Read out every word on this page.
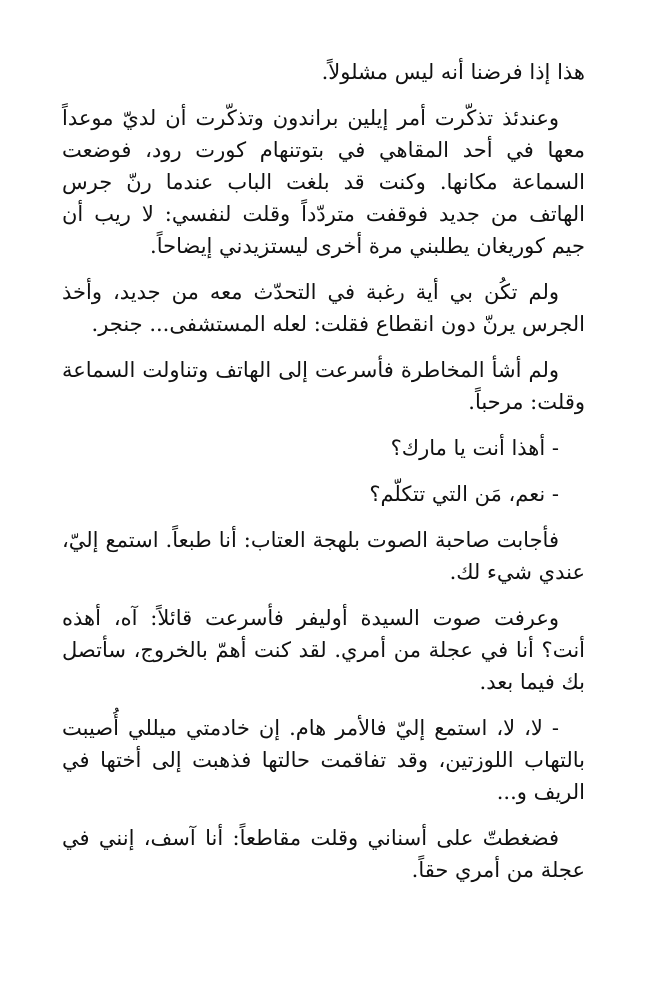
هذا إذا فرضنا أنه ليس مشلولاً.

وعندئذ تذكّرت أمر إيلين براندون وتذكّرت أن لديّ موعداً معها في أحد المقاهي في بتوتنهام كورت رود، فوضعت السماعة مكانها. وكنت قد بلغت الباب عندما رنّ جرس الهاتف من جديد فوقفت متردّداً وقلت لنفسي: لا ريب أن جيم كوريغان يطلبني مرة أخرى ليستزيدني إيضاحاً.

ولم تكُن بي أية رغبة في التحدّث معه من جديد، وأخذ الجرس يرنّ دون انقطاع فقلت: لعله المستشفى... جنجر.

ولم أشأ المخاطرة فأسرعت إلى الهاتف وتناولت السماعة وقلت: مرحباً.

- أهذا أنت يا مارك؟

- نعم، مَن التي تتكلّم؟

فأجابت صاحبة الصوت بلهجة العتاب: أنا طبعاً. استمع إليّ، عندي شيء لك.

وعرفت صوت السيدة أوليفر فأسرعت قائلاً: آه، أهذه أنت؟ أنا في عجلة من أمري. لقد كنت أهمّ بالخروج، سأتصل بك فيما بعد.

- لا، لا، استمع إليّ فالأمر هام. إن خادمتي ميللي أُصيبت بالتهاب اللوزتين، وقد تفاقمت حالتها فذهبت إلى أختها في الريف و...

فضغطتّ على أسناني وقلت مقاطعاً: أنا آسف، إنني في عجلة من أمري حقاً.
